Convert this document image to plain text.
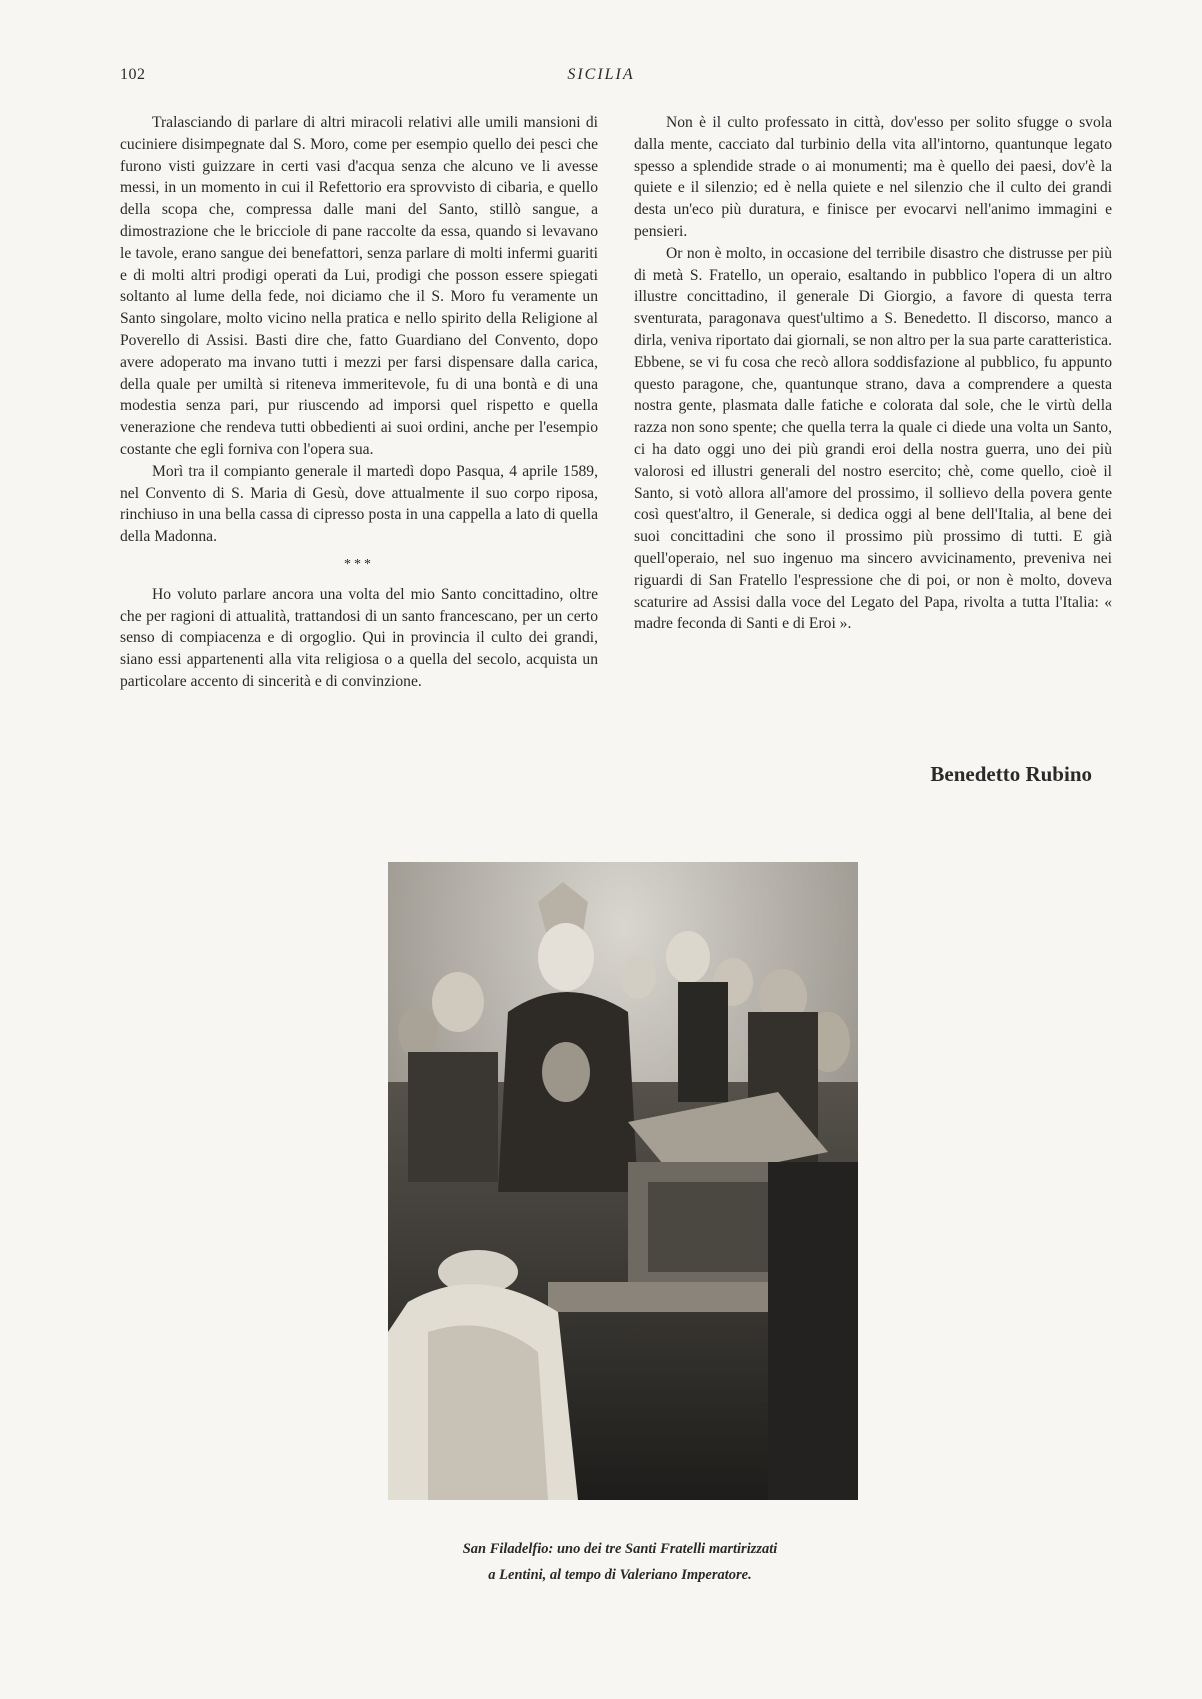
102	SICILIA

Tralasciando di parlare di altri miracoli relativi alle umili mansioni di cuciniere disimpegnate dal S. Moro, come per esempio quello dei pesci che furono visti guizzare in certi vasi d'acqua senza che alcuno ve li avesse messi, in un momento in cui il Refettorio era sprovvisto di cibaria, e quello della scopa che, compressa dalle mani del Santo, stillò sangue, a dimostrazione che le bricciole di pane raccolte da essa, quando si levavano le tavole, erano sangue dei benefattori, senza parlare di molti infermi guariti e di molti altri prodigi operati da Lui, prodigi che posson essere spiegati soltanto al lume della fede, noi diciamo che il S. Moro fu veramente un Santo singolare, molto vicino nella pratica e nello spirito della Religione al Poverello di Assisi. Basti dire che, fatto Guardiano del Convento, dopo avere adoperato ma invano tutti i mezzi per farsi dispensare dalla carica, della quale per umiltà si riteneva immeritevole, fu di una bontà e di una modestia senza pari, pur riuscendo ad imporsi quel rispetto e quella venerazione che rendeva tutti obbedienti ai suoi ordini, anche per l'esempio costante che egli forniva con l'opera sua.

Morì tra il compianto generale il martedì dopo Pasqua, 4 aprile 1589, nel Convento di S. Maria di Gesù, dove attualmente il suo corpo riposa, rinchiuso in una bella cassa di cipresso posta in una cappella a lato di quella della Madonna.

***

Ho voluto parlare ancora una volta del mio Santo concittadino, oltre che per ragioni di attualità, trattandosi di un santo francescano, per un certo senso di compiacenza e di orgoglio. Qui in provincia il culto dei grandi, siano essi appartenenti alla vita religiosa o a quella del secolo, acquista un particolare accento di sincerità e di convinzione.

Non è il culto professato in città, dov'esso per solito sfugge o svola dalla mente, cacciato dal turbinio della vita all'intorno, quantunque legato spesso a splendide strade o ai monumenti; ma è quello dei paesi, dov'è la quiete e il silenzio; ed è nella quiete e nel silenzio che il culto dei grandi desta un'eco più duratura, e finisce per evocarvi nell'animo immagini e pensieri.

Or non è molto, in occasione del terribile disastro che distrusse per più di metà S. Fratello, un operaio, esaltando in pubblico l'opera di un altro illustre concittadino, il generale Di Giorgio, a favore di questa terra sventurata, paragonava quest'ultimo a S. Benedetto. Il discorso, manco a dirla, veniva riportato dai giornali, se non altro per la sua parte caratteristica. Ebbene, se vi fu cosa che recò allora soddisfazione al pubblico, fu appunto questo paragone, che, quantunque strano, dava a comprendere a questa nostra gente, plasmata dalle fatiche e colorata dal sole, che le virtù della razza non sono spente; che quella terra la quale ci diede una volta un Santo, ci ha dato oggi uno dei più grandi eroi della nostra guerra, uno dei più valorosi ed illustri generali del nostro esercito; chè, come quello, cioè il Santo, si votò allora all'amore del prossimo, il sollievo della povera gente così quest'altro, il Generale, si dedica oggi al bene dell'Italia, al bene dei suoi concittadini che sono il prossimo più prossimo di tutti. E già quell'operaio, nel suo ingenuo ma sincero avvicinamento, preveniva nei riguardi di San Fratello l'espressione che di poi, or non è molto, doveva scaturire ad Assisi dalla voce del Legato del Papa, rivolta a tutta l'Italia: « madre feconda di Santi e di Eroi ».

Benedetto Rubino
San Filadelfio: uno dei tre Santi Fratelli martirizzati
a Lentini, al tempo di Valeriano Imperatore.
